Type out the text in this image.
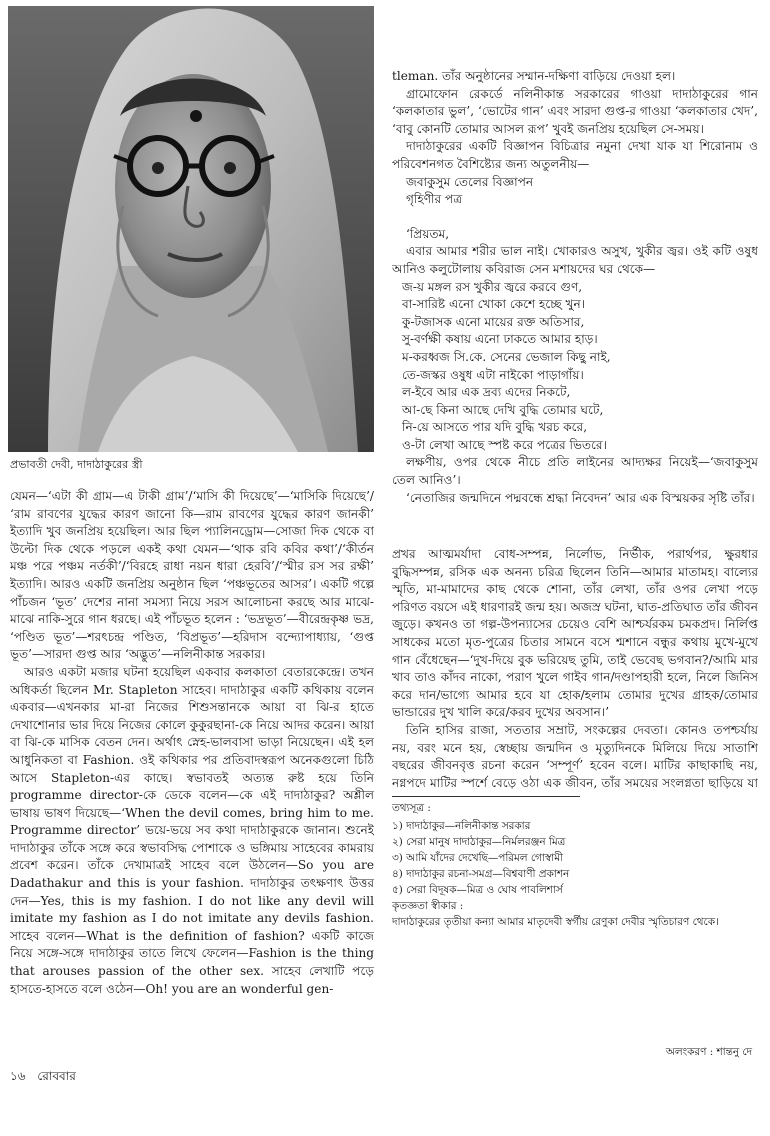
প্রভাবতী দেবী, দাদাঠাকুরের স্ত্রী

যেমন—‘এটা কী গ্রাম—এ টাকী গ্রাম’/‘মাসি কী দিয়েছে’—‘মাসিকি দিয়েছে’/ ‘রাম রাবণের যুদ্ধের কারণ জানো কি—রাম রাবণের যুদ্ধের কারণ জানকী’ ইত্যাদি খুব জনপ্রিয় হয়েছিল। আর ছিল প্যালিনড্রোম—সোজা দিক থেকে বা উল্টো দিক থেকে পড়লে একই কথা যেমন—‘থাক রবি কবির কথা’/‘কীর্তন মঞ্চ পরে পঞ্চম নর্তকী’/‘বিরহে রাধা নয়ন ধারা হেরবি’/‘স্মীর রস সর রক্ষী’ ইত্যাদি। আরও একটি জনপ্রিয় অনুষ্ঠান ছিল ‘পঞ্চভূতের আসর’। একটি গল্পে পাঁচজন ‘ভূত’ দেশের নানা সমস্যা নিয়ে সরস আলোচনা করছে আর মাঝে-মাঝে নাকি-সুরে গান ধরছে। এই পাঁচভূত হলেন : ‘ভদ্রভূত’—বীরেন্দ্রকৃষ্ণ ভদ্র, ‘পণ্ডিত ভূত’—শরৎচন্দ্র পণ্ডিত, ‘বিপ্রভূত’—হরিদাস বন্দ্যোপাধ্যায়, ‘গুপ্ত ভূত’—সারদা গুপ্ত আর ‘অদ্ভুত’—নলিনীকান্ত সরকার।

আরও একটা মজার ঘটনা হয়েছিল একবার কলকাতা বেতারকেন্দ্রে। তখন অধিকর্তা ছিলেন Mr. Stapleton সাহেব। দাদাঠাকুর একটি কথিকায় বলেন একবার—এখনকার মা-রা নিজের শিশুসন্তানকে আয়া বা ঝি-র হাতে দেখাশোনার ভার দিয়ে নিজের কোলে কুকুরছানা-কে নিয়ে আদর করেন। আয়া বা ঝি-কে মাসিক বেতন দেন। অর্থাৎ স্নেহ-ভালবাসা ভাড়া নিয়েছেন। এই হল আধুনিকতা বা Fashion. ওই কথিকার পর প্রতিবাদস্বরূপ অনেকগুলো চিঠি আসে Stapleton-এর কাছে। স্বভাবতই অত্যন্ত রুষ্ট হয়ে তিনি programme director-কে ডেকে বলেন—কে এই দাদাঠাকুর? অশ্লীল ভাষায় ভাষণ দিয়েছে—‘When the devil comes, bring him to me. Programme director’ ভয়ে-ভয়ে সব কথা দাদাঠাকুরকে জানান। শুনেই দাদাঠাকুর তাঁকে সঙ্গে করে স্বভাবসিদ্ধ পোশাকে ও ভঙ্গিমায় সাহেবের কামরায় প্রবেশ করেন। তাঁকে দেখামাত্রই সাহেব বলে উঠলেন—So you are Dadathakur and this is your fashion. দাদাঠাকুর তৎক্ষণাৎ উত্তর দেন—Yes, this is my fashion. I do not like any devil will imitate my fashion as I do not imitate any devils fashion. সাহেব বলেন—What is the definition of fashion? একটি কাজে নিয়ে সঙ্গে-সঙ্গে দাদাঠাকুর তাতে লিখে ফেলেন—Fashion is the thing that arouses passion of the other sex. সাহেব লেখাটি পড়ে হাসতে-হাসতে বলে ওঠেন—Oh! you are an wonderful gen-

tleman. তাঁর অনুষ্ঠানের সম্মান-দক্ষিণা বাড়িয়ে দেওয়া হল।

গ্রামোফোন রেকর্ডে নলিনীকান্ত সরকারের গাওয়া দাদাঠাকুরের গান ‘কলকাতার ভুল’, ‘ভোটের গান’ এবং সারদা গুপ্ত-র গাওয়া ‘কলকাতার খেদ’, ‘বাবু কোনটি তোমার আসল রূপ’ খুবই জনপ্রিয় হয়েছিল সে-সময়।

দাদাঠাকুরের একটি বিজ্ঞাপন বিচিত্রার নমুনা দেখা যাক যা শিরোনাম ও পরিবেশনগত বৈশিষ্ট্যের জন্য অতুলনীয়—

জবাকুসুম তেলের বিজ্ঞাপন

গৃহিণীর পত্র

‘প্রিয়তম,

এবার আমার শরীর ভাল নাই। খোকারও অসুখ, খুকীর জ্বর। ওই কটি ওষুধ আনিও কলুটোলায় কবিরাজ সেন মশায়দের ঘর থেকে—

জ-য় মঙ্গল রস খুকীর জ্বরে করবে গুণ,
বা-সারিষ্ট এনো খোকা কেশে হচ্ছে খুন।
কু-টজাসক এনো মায়ের রক্ত অতিসার,
সু-বর্ণক্ষী কষায় এনো ঢাকতে আমার হাড়।
ম-করধ্বজ সি.কে. সেনের ভেজাল কিছু নাই,
তে-জস্কর ওষুধ এটা নাইকো পাড়াগাঁয়।
ল-ইবে আর এক দ্রব্য এদের নিকটে,
আ-ছে কিনা আছে দেখি বুদ্ধি তোমার ঘটে,
নি-য়ে আসতে পার যদি বুদ্ধি খরচ করে,
ও-টা লেখা আছে স্পষ্ট করে পত্রের ভিতরে।

লক্ষণীয়, ওপর থেকে নীচে প্রতি লাইনের আদ্যক্ষর নিয়েই—‘জবাকুসুম তেল আনিও’।

‘নেতাজির জন্মদিনে পদ্মবন্ধে শ্রদ্ধা নিবেদন’ আর এক বিস্ময়কর সৃষ্টি তাঁর।

প্রখর আত্মমর্যাদা বোধ-সম্পন্ন, নির্লোভ, নির্ভীক, পরার্থপর, ক্ষুরধার বুদ্ধিসম্পন্ন, রসিক এক অনন্য চরিত্র ছিলেন তিনি—আমার মাতামহ। বাল্যের স্মৃতি, মা-মামাদের কাছ থেকে শোনা, তাঁর লেখা, তাঁর ওপর লেখা পড়ে পরিণত বয়সে এই ধারণারই জন্ম হয়। অজস্র ঘটনা, ঘাত-প্রতিঘাত তাঁর জীবন জুড়ে। কখনও তা গল্প-উপন্যাসের চেয়েও বেশি আশ্চর্যরকম চমকপ্রদ। নির্লিপ্ত সাধকের মতো মৃত-পুত্রের চিতার সামনে বসে শ্মশানে বন্ধুর কথায় মুখে-মুখে গান বেঁধেছেন—‘দুখ-দিয়ে বুক ভরিয়েছ তুমি, তাই ভেবেছ ভগবান?/আমি মার খাব তাও কাঁদব নাকো, পরাণ খুলে গাইব গান/দণ্ডাপহারী হলে, নিলে জিনিস করে দান/ভাগ্যে আমার হবে যা হোক/হলাম তোমার দুখের গ্রাহক/তোমার ভান্ডারের দুখ খালি করে/করব দুখের অবসান।’

তিনি হাসির রাজা, সততার সম্রাট, সংকল্পের দেবতা। কোনও তপশ্চর্যায় নয়, বরং মনে হয়, স্বেচ্ছায় জন্মদিন ও মৃত্যুদিনকে মিলিয়ে দিয়ে সাতাশি বছরের জীবনবৃত্ত রচনা করেন ‘সম্পূর্ণ’ হবেন বলে। মাটির কাছাকাছি নয়, নগ্নপদে মাটির স্পর্শে বেড়ে ওঠা এক জীবন, তাঁর সময়ের সংলগ্নতা ছাড়িয়ে যা

তথ্যসূত্র :
১) দাদাঠাকুর—নলিনীকান্ত সরকার
২) সেরা মানুষ দাদাঠাকুর—নির্মলরঞ্জন মিত্র
৩) আমি যাঁদের দেখেছি—পরিমল গোস্বামী
৪) দাদাঠাকুর রচনা-সমগ্র—বিশ্ববাণী প্রকাশন
৫) সেরা বিদূষক—মিত্র ও ঘোষ পাবলিশার্স
কৃতজ্ঞতা স্বীকার :
দাদাঠাকুরের তৃতীয়া কন্যা আমার মাতৃদেবী স্বর্গীয় রেণুকা দেবীর স্মৃতিচারণ থেকে।
অলংকরণ : শান্তনু দে
১৬ রোববার
